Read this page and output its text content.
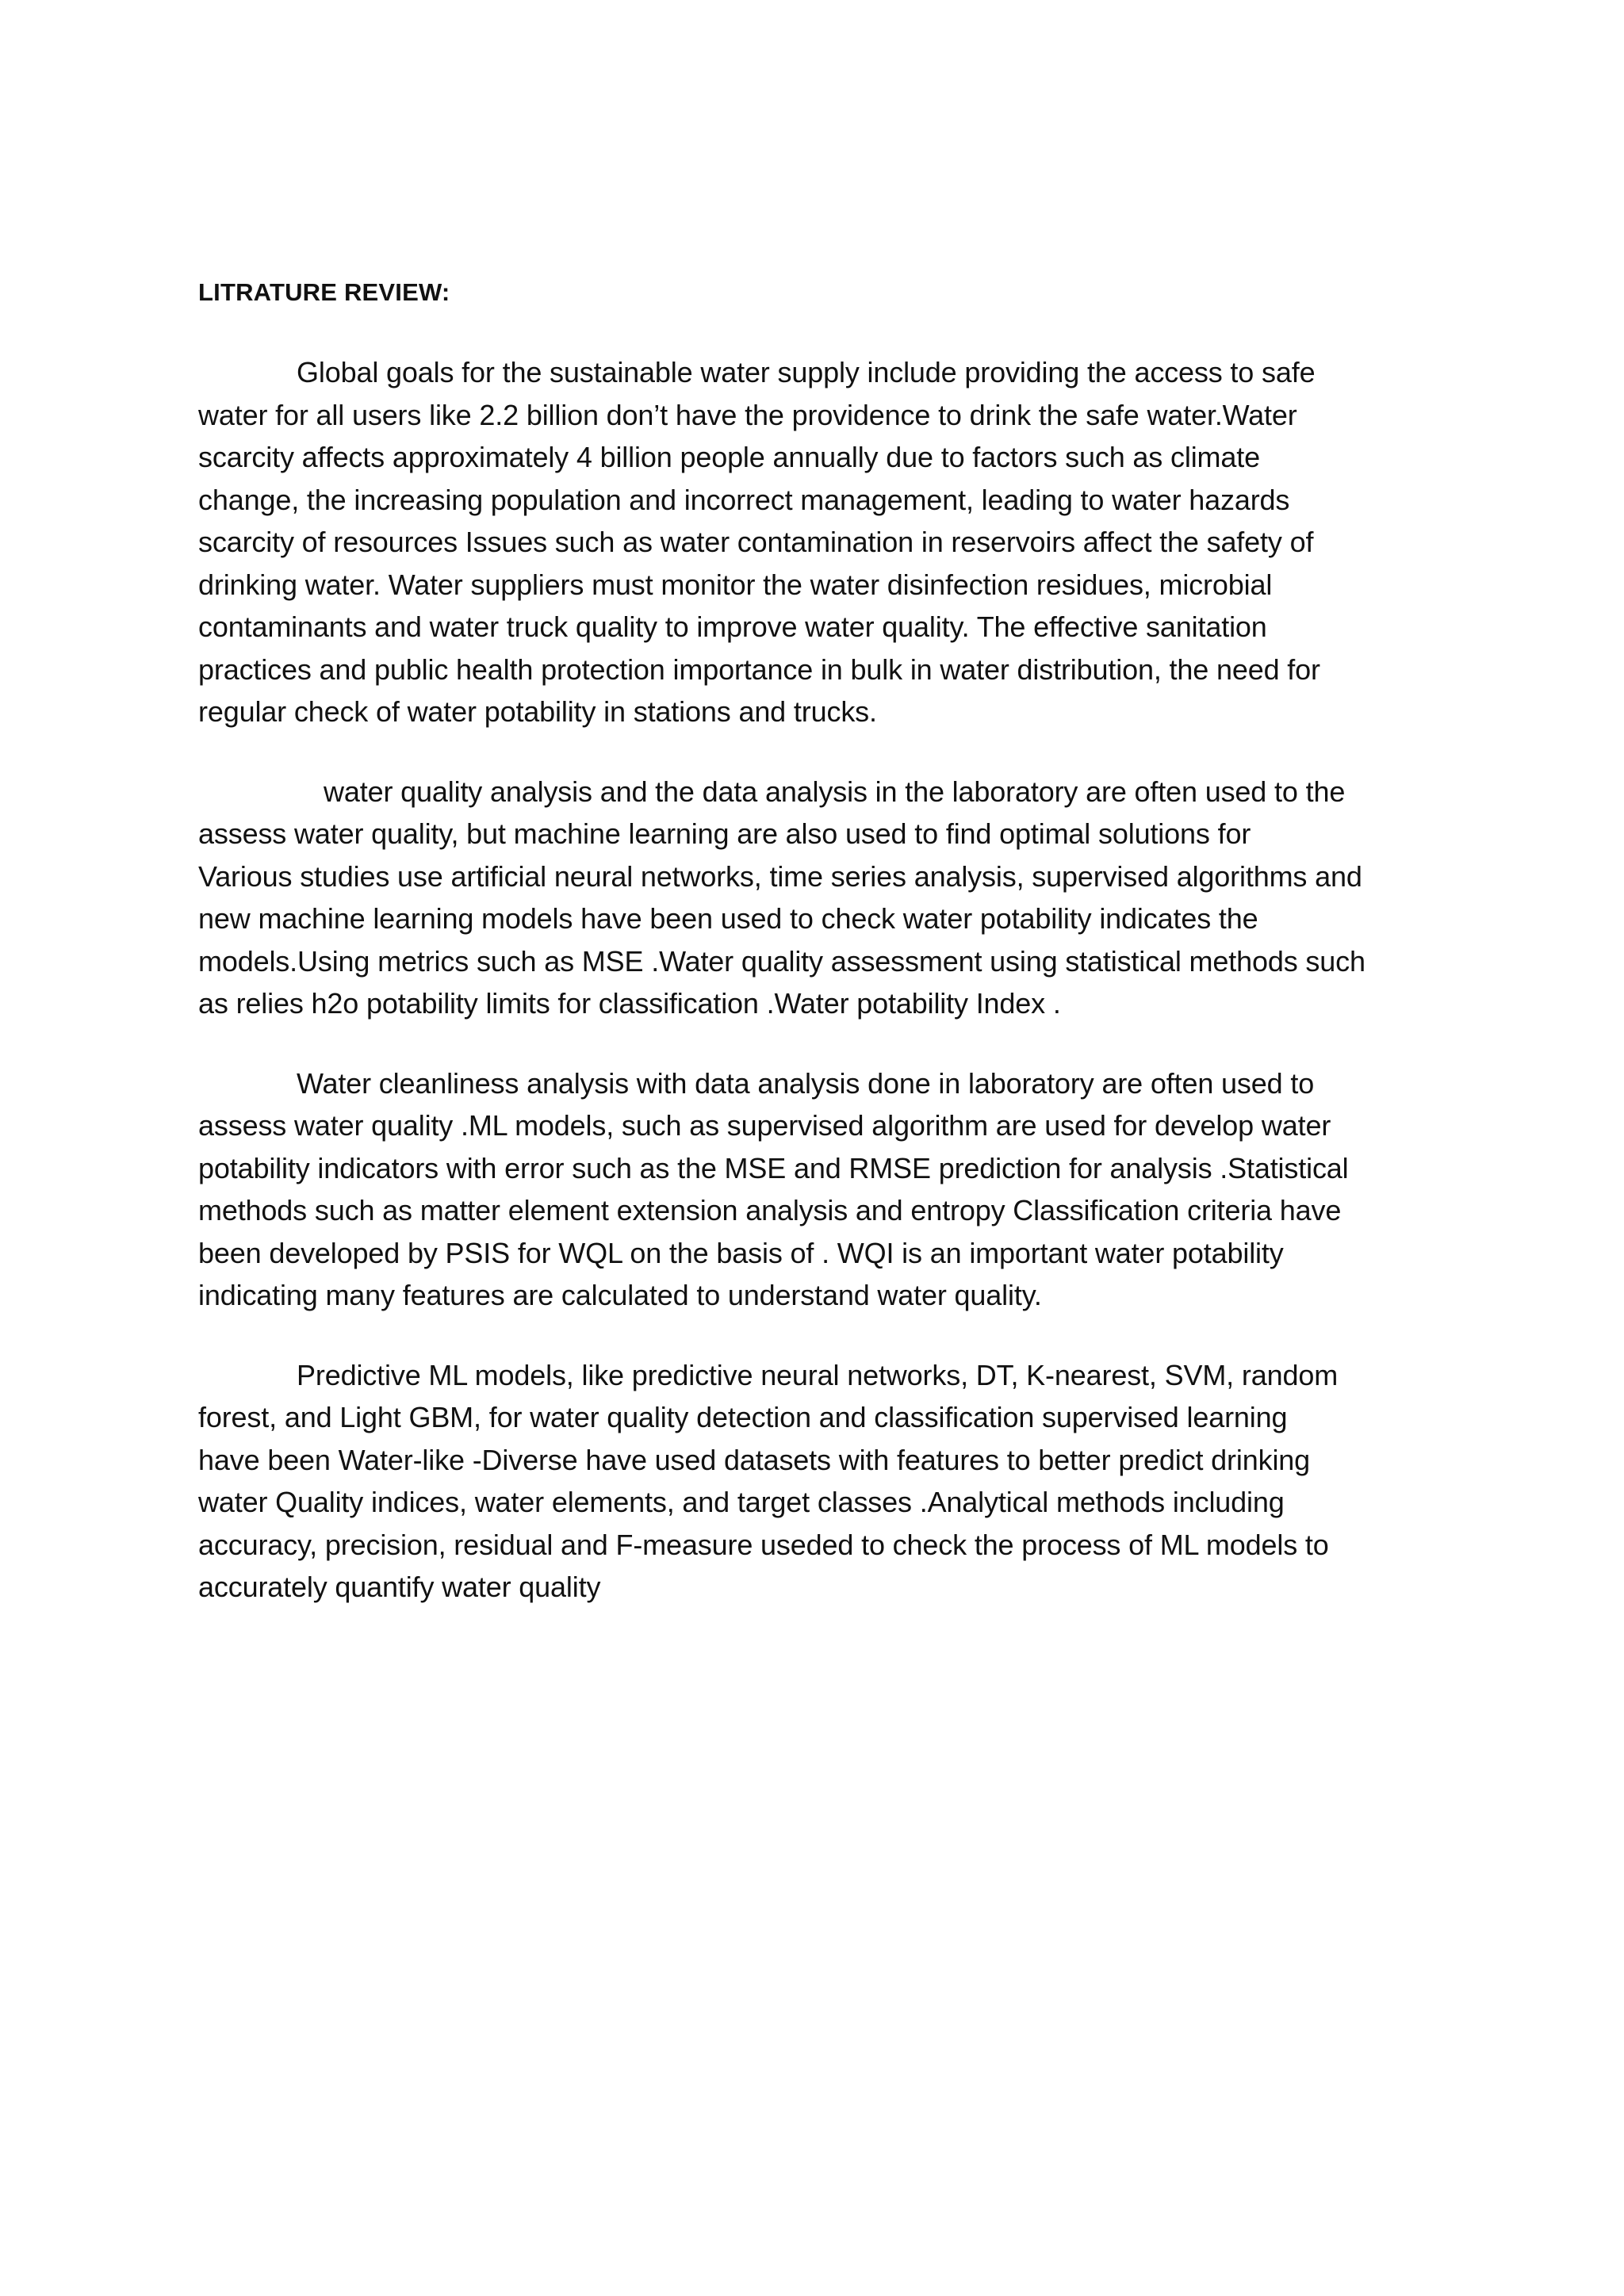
LITRATURE REVIEW:
Global goals for the sustainable water supply include providing the access to safe
water for all users like 2.2 billion don’t have the providence to drink the safe water.Water
scarcity affects approximately 4 billion people annually due to factors such as climate
change, the increasing population and incorrect management, leading to water hazards
scarcity of resources Issues such as water contamination in reservoirs affect the safety of
drinking water. Water suppliers must monitor the water disinfection residues, microbial
contaminants and water truck quality to improve water quality. The effective sanitation
practices and public health protection importance in bulk in water distribution, the need for
regular check of water potability in stations and trucks.
water quality analysis and the data analysis in the laboratory are often used to the
assess water quality, but machine learning are also used to find optimal solutions for
Various studies use artificial neural networks, time series analysis, supervised algorithms and
new machine learning models have been used to check water potability indicates the
models.Using metrics such as MSE .Water quality assessment using statistical methods such
as relies h2o potability limits for classification .Water potability Index .
Water cleanliness analysis with data analysis done in laboratory are often used to
assess water quality .ML models, such as supervised algorithm are used for develop water
potability indicators with error such as the MSE and RMSE prediction for analysis .Statistical
methods such as matter element extension analysis and entropy Classification criteria have
been developed by PSIS for WQL on the basis of . WQI is an important water potability
indicating many features are calculated to understand water quality.
Predictive ML models, like predictive neural networks, DT, K-nearest, SVM, random
forest, and Light GBM, for water quality detection and classification supervised learning
have been Water-like -Diverse have used datasets with features to better predict drinking
water Quality indices, water elements, and target classes .Analytical methods including
accuracy, precision, residual and F-measure useded to check the process of ML models to
accurately quantify water quality
